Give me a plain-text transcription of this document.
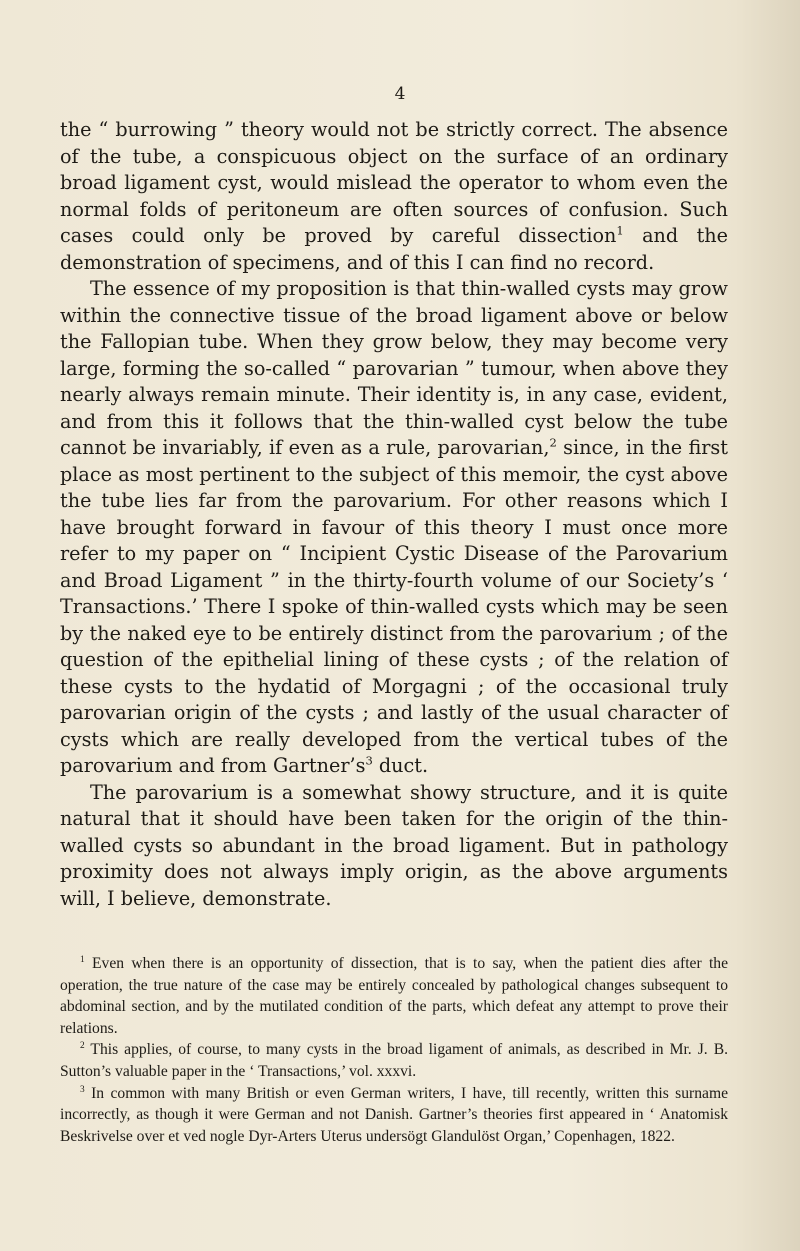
4

the “ burrowing ” theory would not be strictly correct. The absence of the tube, a conspicuous object on the surface of an ordinary broad ligament cyst, would mislead the operator to whom even the normal folds of peritoneum are often sources of confusion. Such cases could only be proved by careful dissection$^1$ and the demonstration of specimens, and of this I can find no record.

The essence of my proposition is that thin-walled cysts may grow within the connective tissue of the broad ligament above or below the Fallopian tube. When they grow below, they may become very large, forming the so-called “ parovarian ” tumour, when above they nearly always remain minute. Their identity is, in any case, evident, and from this it follows that the thin-walled cyst below the tube cannot be invariably, if even as a rule, parovarian,$^2$ since, in the first place as most pertinent to the subject of this memoir, the cyst above the tube lies far from the parovarium. For other reasons which I have brought forward in favour of this theory I must once more refer to my paper on “ Incipient Cystic Disease of the Parovarium and Broad Ligament ” in the thirty-fourth volume of our Society’s ‘ Transactions.’ There I spoke of thin-walled cysts which may be seen by the naked eye to be entirely distinct from the parovarium ; of the question of the epithelial lining of these cysts ; of the relation of these cysts to the hydatid of Morgagni ; of the occasional truly parovarian origin of the cysts ; and lastly of the usual character of cysts which are really developed from the vertical tubes of the parovarium and from $Gartner’s^3$ duct.

The parovarium is a somewhat showy structure, and it is quite natural that it should have been taken for the origin of the thin-walled cysts so abundant in the broad ligament. But in pathology proximity does not always imply origin, as the above arguments will, I believe, demonstrate.

$^1$ Even when there is an opportunity of dissection, that is to say, when the patient dies after the operation, the true nature of the case may be entirely concealed by pathological changes subsequent to abdominal section, and by the mutilated condition of the parts, which defeat any attempt to prove their relations.

$^2$ This applies, of course, to many cysts in the broad ligament of animals, as described in Mr. J. B. Sutton’s valuable paper in the ‘ Transactions,’ vol. xxxvi.

$^3$ In common with many British or even German writers, I have, till recently, written this surname incorrectly, as though it were German and not Danish. Gartner’s theories first appeared in ‘ Anatomisk Beskrivelse over et ved nogle Dyr-Arters Uterus undersögt Glandulöst Organ,’ Copenhagen, 1822.
